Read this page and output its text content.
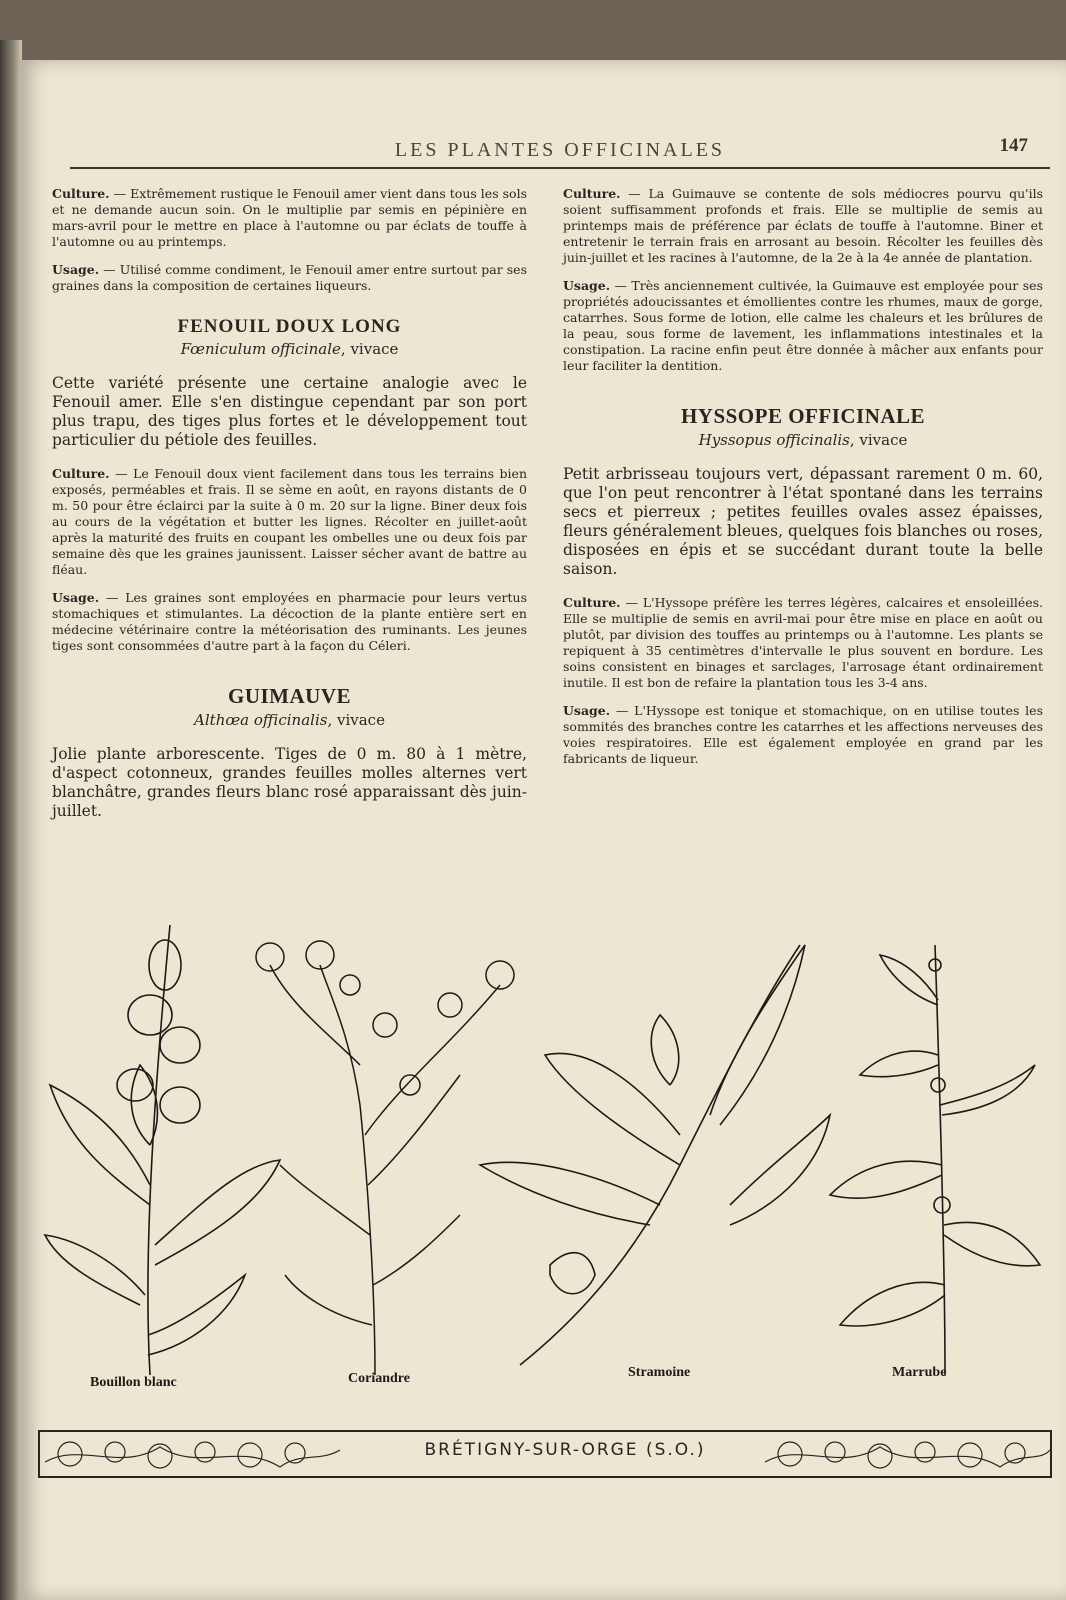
LES PLANTES OFFICINALES	147

Culture. — Extrêmement rustique le Fenouil amer vient dans tous les sols et ne demande aucun soin. On le multiplie par semis en pépinière en mars-avril pour le mettre en place à l'automne ou par éclats de touffe à l'automne ou au printemps.

Usage. — Utilisé comme condiment, le Fenouil amer entre surtout par ses graines dans la composition de certaines liqueurs.

FENOUIL DOUX LONG

Fœniculum officinale, vivace

Cette variété présente une certaine analogie avec le Fenouil amer. Elle s'en distingue cependant par son port plus trapu, des tiges plus fortes et le développement tout particulier du pétiole des feuilles.

Culture. — Le Fenouil doux vient facilement dans tous les terrains bien exposés, perméables et frais. Il se sème en août, en rayons distants de 0 m. 50 pour être éclairci par la suite à 0 m. 20 sur la ligne. Biner deux fois au cours de la végétation et butter les lignes. Récolter en juillet-août après la maturité des fruits en coupant les ombelles une ou deux fois par semaine dès que les graines jaunissent. Laisser sécher avant de battre au fléau.

Usage. — Les graines sont employées en pharmacie pour leurs vertus stomachiques et stimulantes. La décoction de la plante entière sert en médecine vétérinaire contre la météorisation des ruminants. Les jeunes tiges sont consommées d'autre part à la façon du Céleri.

GUIMAUVE

Althœa officinalis, vivace

Jolie plante arborescente. Tiges de 0 m. 80 à 1 mètre, d'aspect cotonneux, grandes feuilles molles alternes vert blanchâtre, grandes fleurs blanc rosé apparaissant dès juin-juillet.

Culture. — La Guimauve se contente de sols médiocres pourvu qu'ils soient suffisamment profonds et frais. Elle se multiplie de semis au printemps mais de préférence par éclats de touffe à l'automne. Biner et entretenir le terrain frais en arrosant au besoin. Récolter les feuilles dès juin-juillet et les racines à l'automne, de la 2e à la 4e année de plantation.

Usage. — Très anciennement cultivée, la Guimauve est employée pour ses propriétés adoucissantes et émollientes contre les rhumes, maux de gorge, catarrhes. Sous forme de lotion, elle calme les chaleurs et les brûlures de la peau, sous forme de lavement, les inflammations intestinales et la constipation. La racine enfin peut être donnée à mâcher aux enfants pour leur faciliter la dentition.

HYSSOPE OFFICINALE

Hyssopus officinalis, vivace

Petit arbrisseau toujours vert, dépassant rarement 0 m. 60, que l'on peut rencontrer à l'état spontané dans les terrains secs et pierreux ; petites feuilles ovales assez épaisses, fleurs généralement bleues, quelques fois blanches ou roses, disposées en épis et se succédant durant toute la belle saison.

Culture. — L'Hyssope préfère les terres légères, calcaires et ensoleillées. Elle se multiplie de semis en avril-mai pour être mise en place en août ou plutôt, par division des touffes au printemps ou à l'automne. Les plants se repiquent à 35 centimètres d'intervalle le plus souvent en bordure. Les soins consistent en binages et sarclages, l'arrosage étant ordinairement inutile. Il est bon de refaire la plantation tous les 3-4 ans.

Usage. — L'Hyssope est tonique et stomachique, on en utilise toutes les sommités des branches contre les catarrhes et les affections nerveuses des voies respiratoires. Elle est également employée en grand par les fabricants de liqueur.

Bouillon blanc	Coriandre	Stramoine	Marrube
BRÉTIGNY-SUR-ORGE (S.O.)
